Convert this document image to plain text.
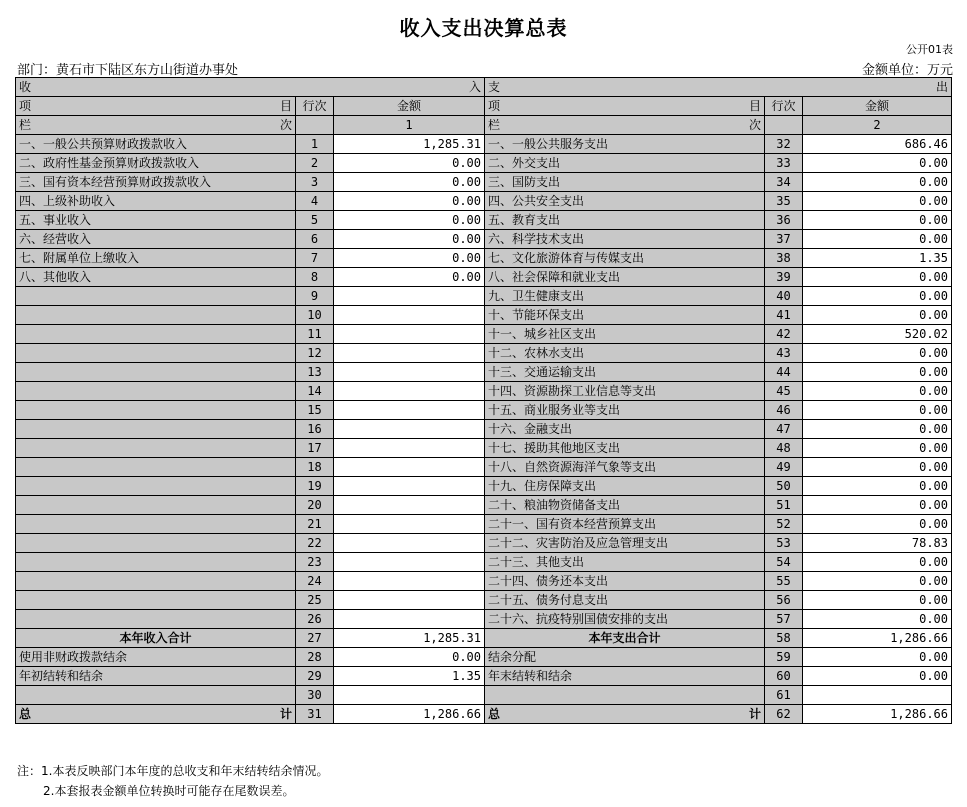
收入支出决算总表
公开01表
部门：黄石市下陆区东方山街道办事处	金额单位：万元
收 入			支 出		

项 目	行次	金额	项 目	行次	金额

栏 次		1	栏 次		2
一、一般公共预算财政拨款收入	1	1,285.31	一、一般公共服务支出	32	686.46
二、政府性基金预算财政拨款收入	2	0.00	二、外交支出	33	0.00
三、国有资本经营预算财政拨款收入	3	0.00	三、国防支出	34	0.00
四、上级补助收入	4	0.00	四、公共安全支出	35	0.00
五、事业收入	5	0.00	五、教育支出	36	0.00
六、经营收入	6	0.00	六、科学技术支出	37	0.00
七、附属单位上缴收入	7	0.00	七、文化旅游体育与传媒支出	38	1.35
八、其他收入	8	0.00	八、社会保障和就业支出	39	0.00
	9		九、卫生健康支出	40	0.00
	10		十、节能环保支出	41	0.00
	11		十一、城乡社区支出	42	520.02
	12		十二、农林水支出	43	0.00
	13		十三、交通运输支出	44	0.00
	14		十四、资源勘探工业信息等支出	45	0.00
	15		十五、商业服务业等支出	46	0.00
	16		十六、金融支出	47	0.00
	17		十七、援助其他地区支出	48	0.00
	18		十八、自然资源海洋气象等支出	49	0.00
	19		十九、住房保障支出	50	0.00
	20		二十、粮油物资储备支出	51	0.00
	21		二十一、国有资本经营预算支出	52	0.00
	22		二十二、灾害防治及应急管理支出	53	78.83
	23		二十三、其他支出	54	0.00
	24		二十四、债务还本支出	55	0.00
	25		二十五、债务付息支出	56	0.00
	26		二十六、抗疫特别国债安排的支出	57	0.00
本年收入合计	27	1,285.31	本年支出合计	58	1,286.66
使用非财政拨款结余	28	0.00	结余分配	59	0.00
年初结转和结余	29	1.35	年末结转和结余	60	0.00
	30			61	

总 计	31	1,286.66	总 计	62	1,286.66
注：1.本表反映部门本年度的总收支和年末结转结余情况。
2.本套报表金额单位转换时可能存在尾数误差。
